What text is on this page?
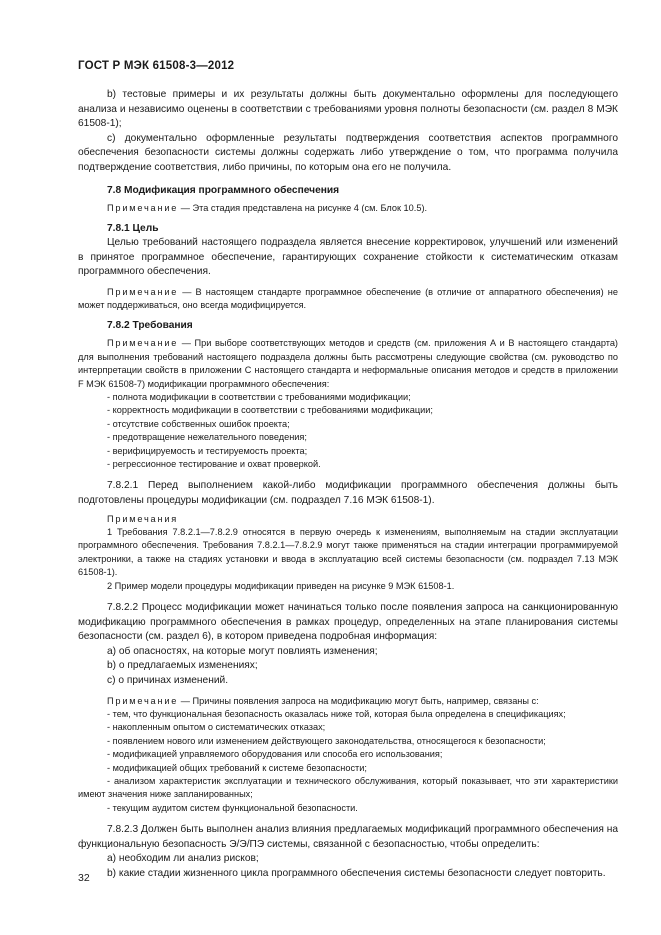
ГОСТ Р МЭК 61508-3—2012

b) тестовые примеры и их результаты должны быть документально оформлены для последующего анализа и независимо оценены в соответствии с требованиями уровня полноты безопасности (см. раздел 8 МЭК 61508-1);

c) документально оформленные результаты подтверждения соответствия аспектов программного обеспечения безопасности системы должны содержать либо утверждение о том, что программа получила подтверждение соответствия, либо причины, по которым она его не получила.

7.8 Модификация программного обеспечения

Примечание — Эта стадия представлена на рисунке 4 (см. Блок 10.5).

7.8.1 Цель

Целью требований настоящего подраздела является внесение корректировок, улучшений или изменений в принятое программное обеспечение, гарантирующих сохранение стойкости к систематическим отказам программного обеспечения.

Примечание — В настоящем стандарте программное обеспечение (в отличие от аппаратного обеспечения) не может поддерживаться, оно всегда модифицируется.

7.8.2 Требования

Примечание — При выборе соответствующих методов и средств (см. приложения А и В настоящего стандарта) для выполнения требований настоящего подраздела должны быть рассмотрены следующие свойства (см. руководство по интерпретации свойств в приложении С настоящего стандарта и неформальные описания методов и средств в приложении F МЭК 61508-7) модификации программного обеспечения:

- полнота модификации в соответствии с требованиями модификации;

- корректность модификации в соответствии с требованиями модификации;

- отсутствие собственных ошибок проекта;

- предотвращение нежелательного поведения;

- верифицируемость и тестируемость проекта;

- регрессионное тестирование и охват проверкой.

7.8.2.1 Перед выполнением какой-либо модификации программного обеспечения должны быть подготовлены процедуры модификации (см. подраздел 7.16 МЭК 61508-1).

Примечания

1 Требования 7.8.2.1—7.8.2.9 относятся в первую очередь к изменениям, выполняемым на стадии эксплуатации программного обеспечения. Требования 7.8.2.1—7.8.2.9 могут также применяться на стадии интеграции программируемой электроники, а также на стадиях установки и ввода в эксплуатацию всей системы безопасности (см. подраздел 7.13 МЭК 61508-1).

2 Пример модели процедуры модификации приведен на рисунке 9 МЭК 61508-1.

7.8.2.2 Процесс модификации может начинаться только после появления запроса на санкционированную модификацию программного обеспечения в рамках процедур, определенных на этапе планирования системы безопасности (см. раздел 6), в котором приведена подробная информация:

a) об опасностях, на которые могут повлиять изменения;

b) о предлагаемых изменениях;

c) о причинах изменений.

Примечание — Причины появления запроса на модификацию могут быть, например, связаны с:

- тем, что функциональная безопасность оказалась ниже той, которая была определена в спецификациях;

- накопленным опытом о систематических отказах;

- появлением нового или изменением действующего законодательства, относящегося к безопасности;

- модификацией управляемого оборудования или способа его использования;

- модификацией общих требований к системе безопасности;

- анализом характеристик эксплуатации и технического обслуживания, который показывает, что эти характеристики имеют значения ниже запланированных;

- текущим аудитом систем функциональной безопасности.

7.8.2.3 Должен быть выполнен анализ влияния предлагаемых модификаций программного обеспечения на функциональную безопасность Э/Э/ПЭ системы, связанной с безопасностью, чтобы определить:

a) необходим ли анализ рисков;

b) какие стадии жизненного цикла программного обеспечения системы безопасности следует повторить.

32
